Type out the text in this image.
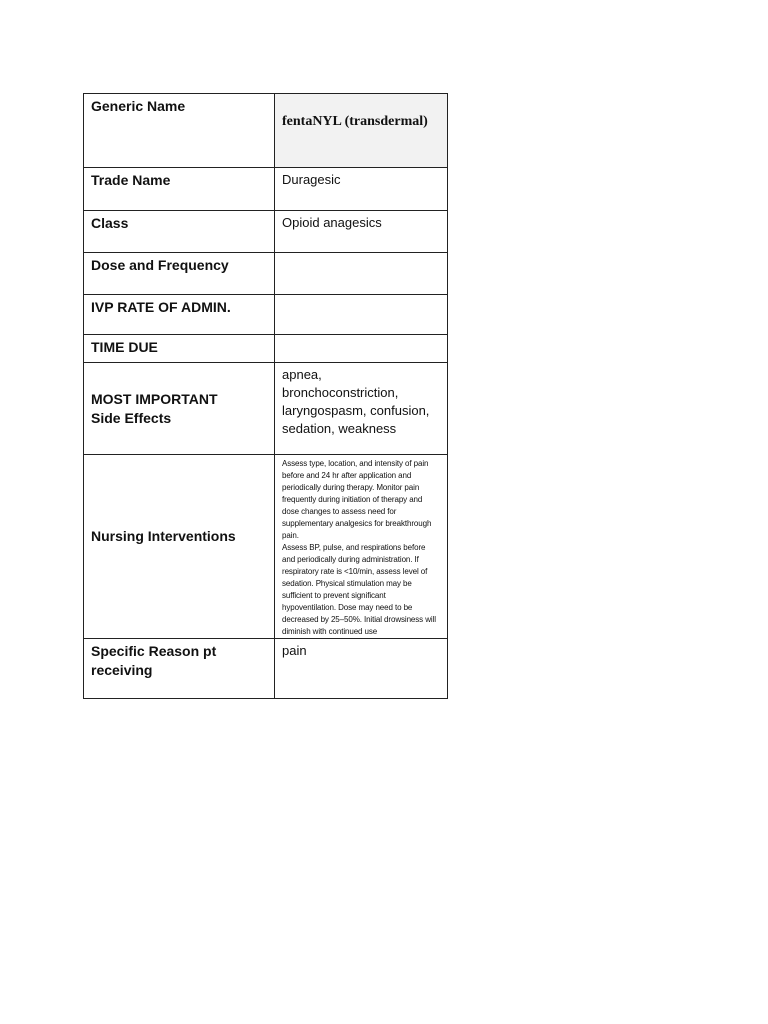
Generic Name	fentaNYL (transdermal)

Trade Name	Duragesic
Class	Opioid anagesics
Dose and Frequency	
IVP RATE OF ADMIN.	
TIME DUE	
MOST IMPORTANT
Side Effects	apnea, bronchoconstriction, laryngospasm, confusion, sedation, weakness
Nursing Interventions	Assess type, location, and intensity of pain before and 24 hr after application and periodically during therapy. Monitor pain frequently during initiation of therapy and dose changes to assess need for supplementary analgesics for breakthrough pain.
Assess BP, pulse, and respirations before and periodically during administration. If respiratory rate is <10/min, assess level of sedation. Physical stimulation may be sufficient to prevent significant hypoventilation. Dose may need to be decreased by 25–50%. Initial drowsiness will diminish with continued use

Specific Reason pt receiving	pain
